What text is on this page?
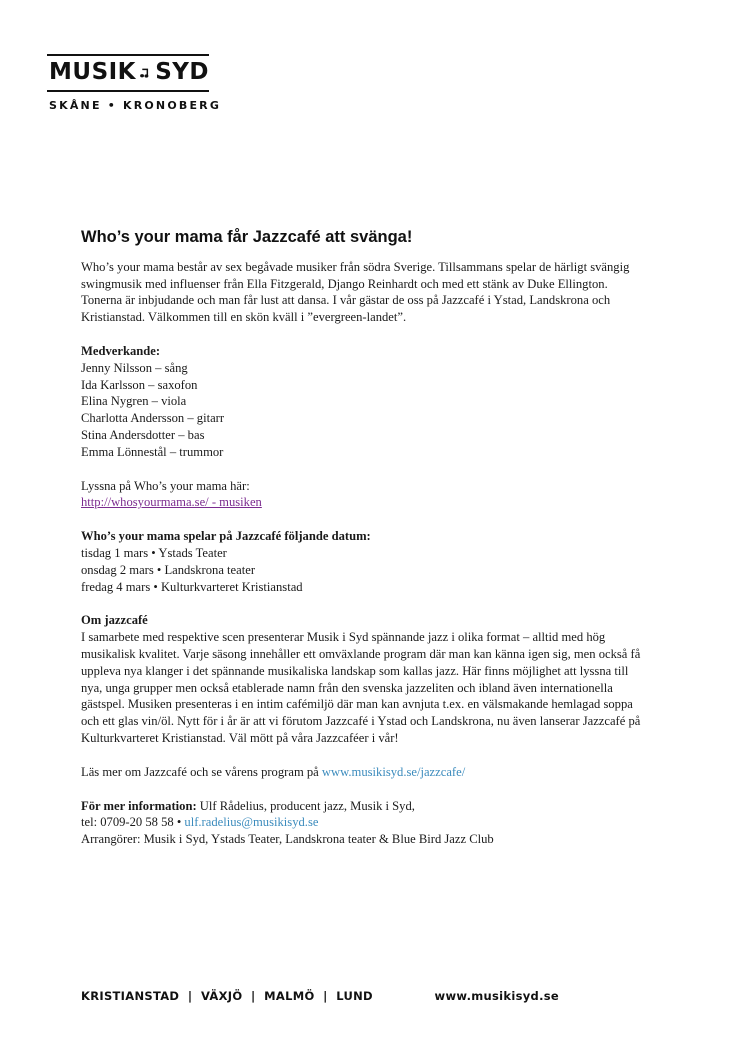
MUSIK SYD
SKÅNE • KRONOBERG
Who’s your mama får Jazzcafé att svänga!

Who’s your mama består av sex begåvade musiker från södra Sverige. Tillsammans spelar de härligt svängig swingmusik med influenser från Ella Fitzgerald, Django Reinhardt och med ett stänk av Duke Ellington. Tonerna är inbjudande och man får lust att dansa. I vår gästar de oss på Jazzcafé i Ystad, Landskrona och Kristianstad. Välkommen till en skön kväll i ”evergreen-landet”.

Medverkande:
Jenny Nilsson – sång
Ida Karlsson – saxofon
Elina Nygren – viola
Charlotta Andersson – gitarr
Stina Andersdotter – bas
Emma Lönnestål – trummor
Lyssna på Who’s your mama här:
http://whosyourmama.se/ - musiken
Who’s your mama spelar på Jazzcafé följande datum:
tisdag 1 mars • Ystads Teater
onsdag 2 mars • Landskrona teater
fredag 4 mars • Kulturkvarteret Kristianstad
Om jazzcafé
I samarbete med respektive scen presenterar Musik i Syd spännande jazz i olika format – alltid med hög musikalisk kvalitet. Varje säsong innehåller ett omväxlande program där man kan känna igen sig, men också få uppleva nya klanger i det spännande musikaliska landskap som kallas jazz. Här finns möjlighet att lyssna till nya, unga grupper men också etablerade namn från den svenska jazzeliten och ibland även internationella gästspel. Musiken presenteras i en intim cafémiljö där man kan avnjuta t.ex. en välsmakande hemlagad soppa och ett glas vin/öl. Nytt för i år är att vi förutom Jazzcafé i Ystad och Landskrona, nu även lanserar Jazzcafé på Kulturkvarteret Kristianstad. Väl mött på våra Jazzcaféer i vår!

Läs mer om Jazzcafé och se vårens program på www.musikisyd.se/jazzcafe/

För mer information: Ulf Rådelius, producent jazz, Musik i Syd,
tel: 0709-20 58 58 • ulf.radelius@musikisyd.se
Arrangörer: Musik i Syd, Ystads Teater, Landskrona teater & Blue Bird Jazz Club
KRISTIANSTAD  |  VÄXJÖ  |  MALMÖ  |  LUND	www.musikisyd.se
